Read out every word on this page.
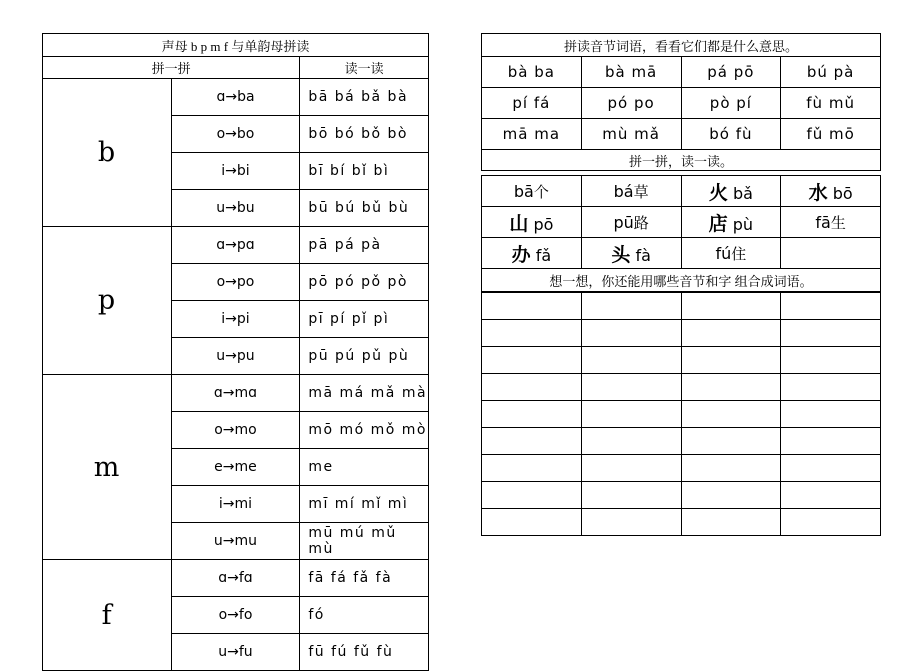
声母 b p m f 与单韵母拼读		
拼一拼		读一读
b	ɑ→ba	bā bá bǎ bà
	o→bo	bō bó bǒ bò
	i→bi	bī bí bǐ bì
	u→bu	bū bú bǔ bù
p	ɑ→pɑ	pā pá pà
	o→po	pō pó pǒ pò
	i→pi	pī pí pǐ pì
	u→pu	pū pú pǔ pù
m	ɑ→mɑ	mā má mǎ mà
	o→mo	mō mó mǒ mò
	e→me	me
	i→mi	mī mí mǐ mì
	u→mu	mū mú mǔ mù
f	ɑ→fɑ	fā fá fǎ fà
	o→fo	fó
	u→fu	fū fú fǔ fù
拼读音节词语，看看它们都是什么意思。			
bà ba	bà mā	pá pō	bú pà
pí fá	pó po	pò pí	fù mǔ
mā ma	mù mǎ	bó fù	fǔ mō
拼一拼，读一读。			
bā个	bá草	火 bǎ	水 bō
山 pō	pū路	店 pù	fā生
办 fǎ	头 fà	fú住	
想一想，你还能用哪些音节和字 组合成词语。			
